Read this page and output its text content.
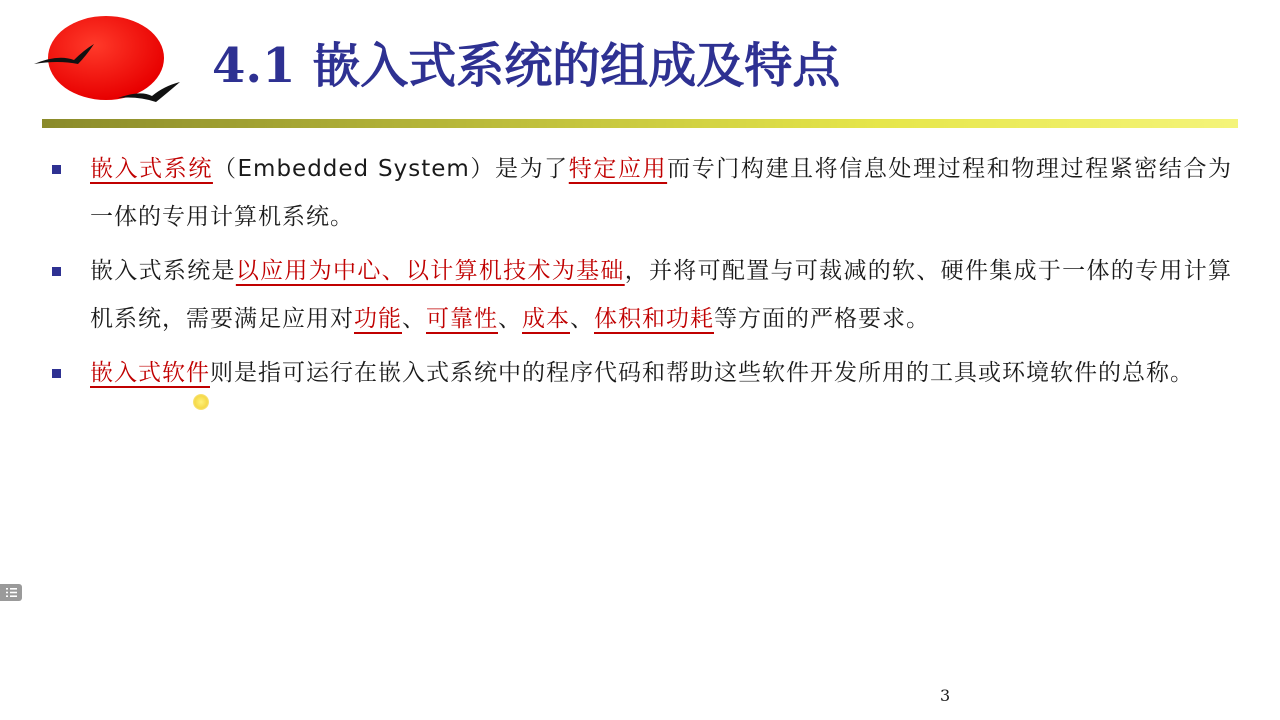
4.1 嵌入式系统的组成及特点

嵌入式系统（Embedded System）是为了特定应用而专门构建且将信息处理过程和物理过程紧密结合为一体的专用计算机系统。

嵌入式系统是以应用为中心、以计算机技术为基础，并将可配置与可裁减的软、硬件集成于一体的专用计算机系统，需要满足应用对功能、可靠性、成本、体积和功耗等方面的严格要求。

嵌入式软件则是指可运行在嵌入式系统中的程序代码和帮助这些软件开发所用的工具或环境软件的总称。

3
